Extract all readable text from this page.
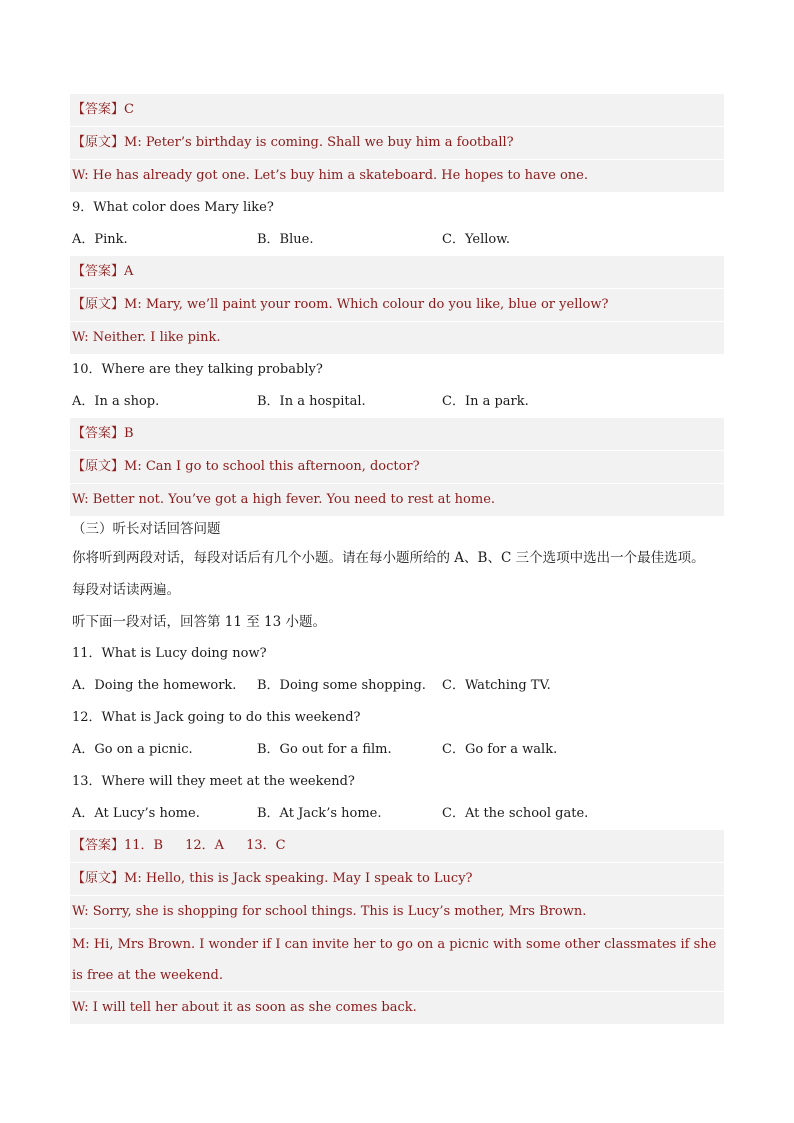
【答案】C
【原文】M: Peter’s birthday is coming. Shall we buy him a football?
W: He has already got one. Let’s buy him a skateboard. He hopes to have one.
9．What color does Mary like?
A．Pink.	B．Blue.	C．Yellow.
【答案】A
【原文】M: Mary, we’ll paint your room. Which colour do you like, blue or yellow?
W: Neither. I like pink.
10．Where are they talking probably?
A．In a shop.	B．In a hospital.	C．In a park.
【答案】B
【原文】M: Can I go to school this afternoon, doctor?
W: Better not. You’ve got a high fever. You need to rest at home.
（三）听长对话回答问题
你将听到两段对话，每段对话后有几个小题。请在每小题所给的 A、B、C 三个选项中选出一个最佳选项。
每段对话读两遍。
听下面一段对话，回答第 11 至 13 小题。
11．What is Lucy doing now?
A．Doing the homework.	B．Doing some shopping.	C．Watching TV.
12．What is Jack going to do this weekend?
A．Go on a picnic.	B．Go out for a film.	C．Go for a walk.
13．Where will they meet at the weekend?
A．At Lucy’s home.	B．At Jack’s home.	C．At the school gate.
【答案】11．B 12．A 13．C
【原文】M: Hello, this is Jack speaking. May I speak to Lucy?
W: Sorry, she is shopping for school things. This is Lucy’s mother, Mrs Brown.
M: Hi, Mrs Brown. I wonder if I can invite her to go on a picnic with some other classmates if she is free at the weekend.
W: I will tell her about it as soon as she comes back.
